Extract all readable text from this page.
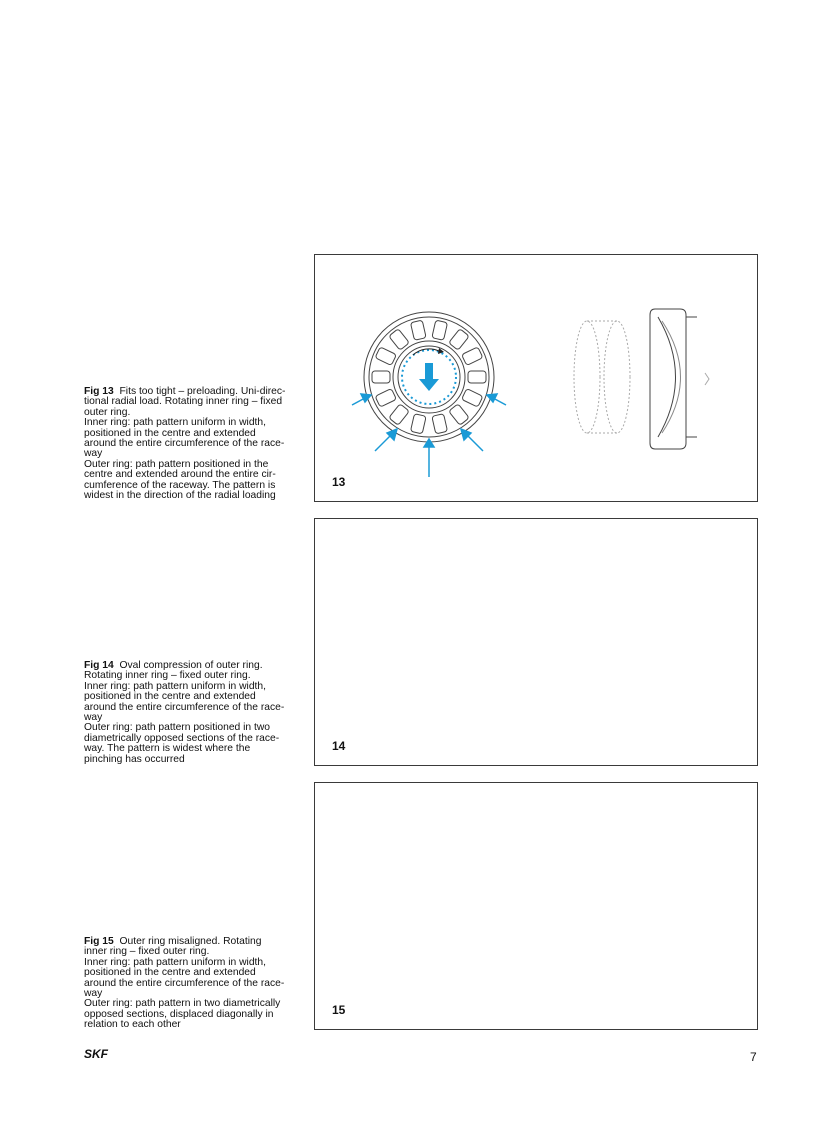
Fig 13 Fits too tight – preloading. Uni-direc-

tional radial load. Rotating inner ring – fixed

outer ring.

Inner ring: path pattern uniform in width,

positioned in the centre and extended

around the entire circumference of the race-

way

Outer ring: path pattern positioned in the

centre and extended around the entire cir-

cumference of the raceway. The pattern is

widest in the direction of the radial loading

13

Fig 14 Oval compression of outer ring.

Rotating inner ring – fixed outer ring.

Inner ring: path pattern uniform in width,

positioned in the centre and extended

around the entire circumference of the race-

way

Outer ring: path pattern positioned in two

diametrically opposed sections of the race-

way. The pattern is widest where the

pinching has occurred

14

Fig 15 Outer ring misaligned. Rotating

inner ring – fixed outer ring.

Inner ring: path pattern uniform in width,

positioned in the centre and extended

around the entire circumference of the race-

way

Outer ring: path pattern in two diametrically

opposed sections, displaced diagonally in

relation to each other

15
SKF	7
